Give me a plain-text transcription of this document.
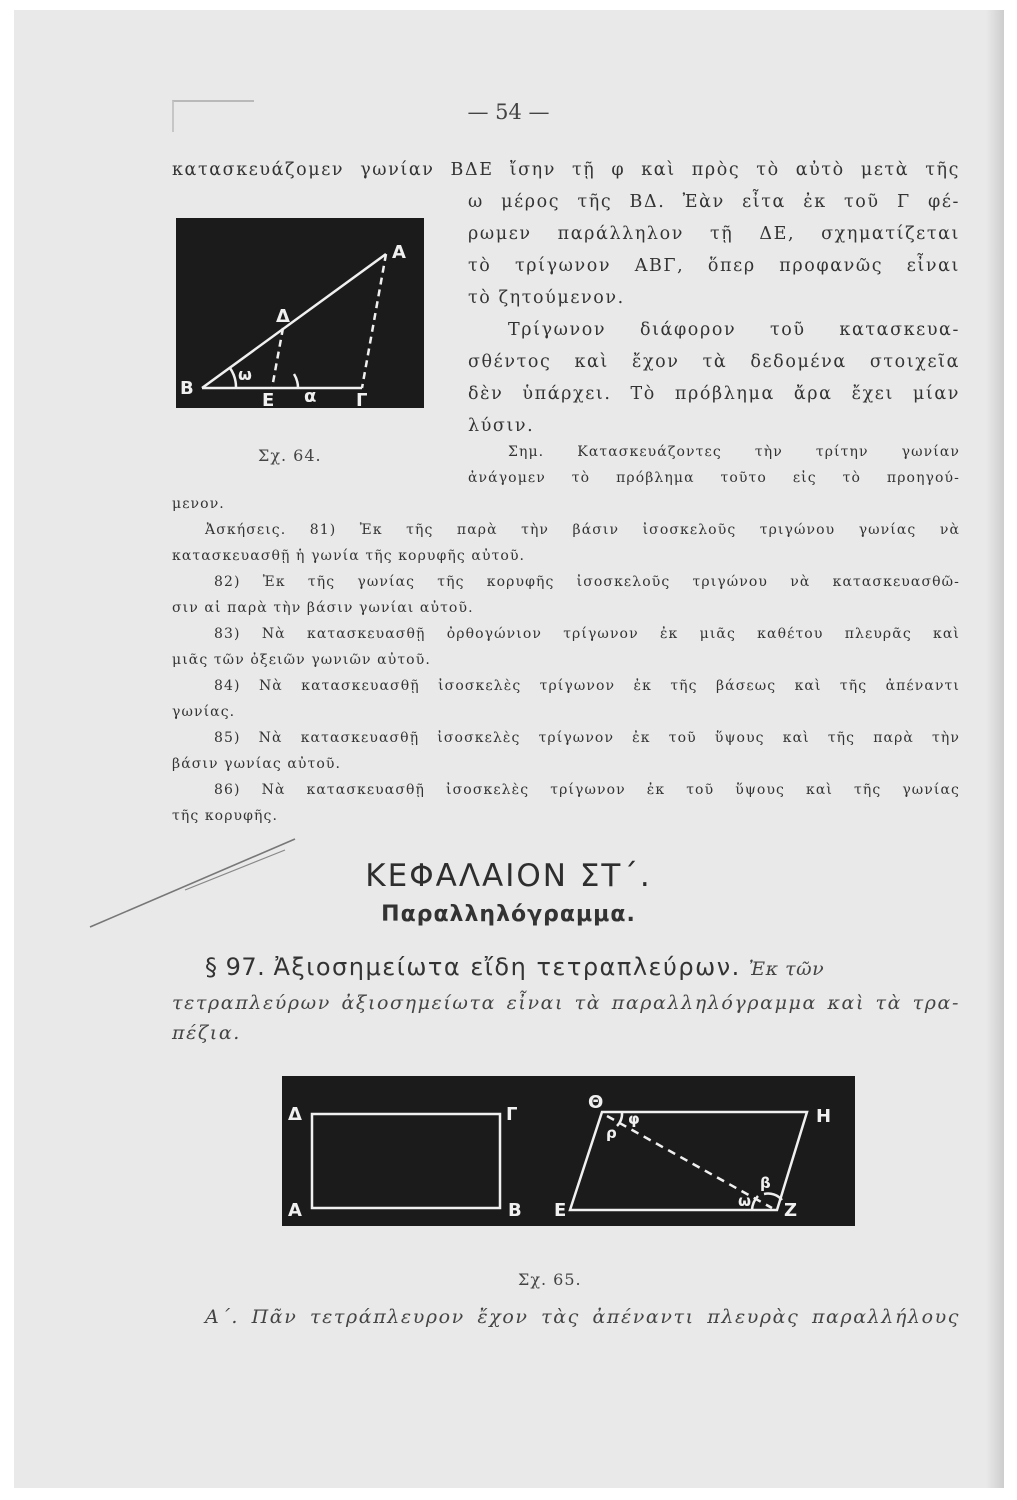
— 54 —
κατασκευάζομεν γωνίαν ΒΔΕ ἴσην τῇ φ καὶ πρὸς τὸ αὐτὸ μετὰ τῆς
Β
Α
Γ
Δ
Ε
ω
α
ω μέρος τῆς ΒΔ. Ἐὰν εἶτα ἐκ τοῦ Γ φέ-
ρωμεν παράλληλον τῇ ΔΕ, σχηματίζεται
τὸ τρίγωνον ΑΒΓ, ὅπερ προφανῶς εἶναι
τὸ ζητούμενον.
Τρίγωνον διάφορον τοῦ κατασκευα-
σθέντος καὶ ἔχον τὰ δεδομένα στοιχεῖα
δὲν ὑπάρχει. Τὸ πρόβλημα ἄρα ἔχει μίαν
λύσιν.
Σχ. 64.	Σημ. Κατασκευάζοντες τὴν τρίτην γωνίαν
ἀνάγομεν τὸ πρόβλημα τοῦτο εἰς τὸ προηγού-
μενον.
Ἀσκήσεις. 81) Ἐκ τῆς παρὰ τὴν βάσιν ἰσοσκελοῦς τριγώνου γωνίας νὰ
κατασκευασθῇ ἡ γωνία τῆς κορυφῆς αὐτοῦ.
82) Ἐκ τῆς γωνίας τῆς κορυφῆς ἰσοσκελοῦς τριγώνου νὰ κατασκευασθῶ-
σιν αἱ παρὰ τὴν βάσιν γωνίαι αὐτοῦ.
83) Νὰ κατασκευασθῇ ὀρθογώνιον τρίγωνον ἐκ μιᾶς καθέτου πλευρᾶς καὶ
μιᾶς τῶν ὀξειῶν γωνιῶν αὐτοῦ.
84) Νὰ κατασκευασθῇ ἰσοσκελὲς τρίγωνον ἐκ τῆς βάσεως καὶ τῆς ἀπέναντι
γωνίας.
85) Νὰ κατασκευασθῇ ἰσοσκελὲς τρίγωνον ἐκ τοῦ ὕψους καὶ τῆς παρὰ τὴν
βάσιν γωνίας αὐτοῦ.
86) Νὰ κατασκευασθῇ ἰσοσκελὲς τρίγωνον ἐκ τοῦ ὕψους καὶ τῆς γωνίας
τῆς κορυφῆς.
ΚΕΦΑΛΑΙΟΝ ΣΤ΄.
Παραλληλόγραμμα.
§ 97. Ἀξιοσημείωτα εἴδη τετραπλεύρων. Ἐκ τῶν
τετραπλεύρων ἀξιοσημείωτα εἶναι τὰ παραλληλόγραμμα καὶ τὰ τρα-
πέζια.
Δ	Γ
Α	Β
Θ
Η
Ε	Ζ
φ
ρ
β
ω
Σχ. 65.
Α΄. Πᾶν τετράπλευρον ἔχον τὰς ἀπέναντι πλευρὰς παραλλήλους
